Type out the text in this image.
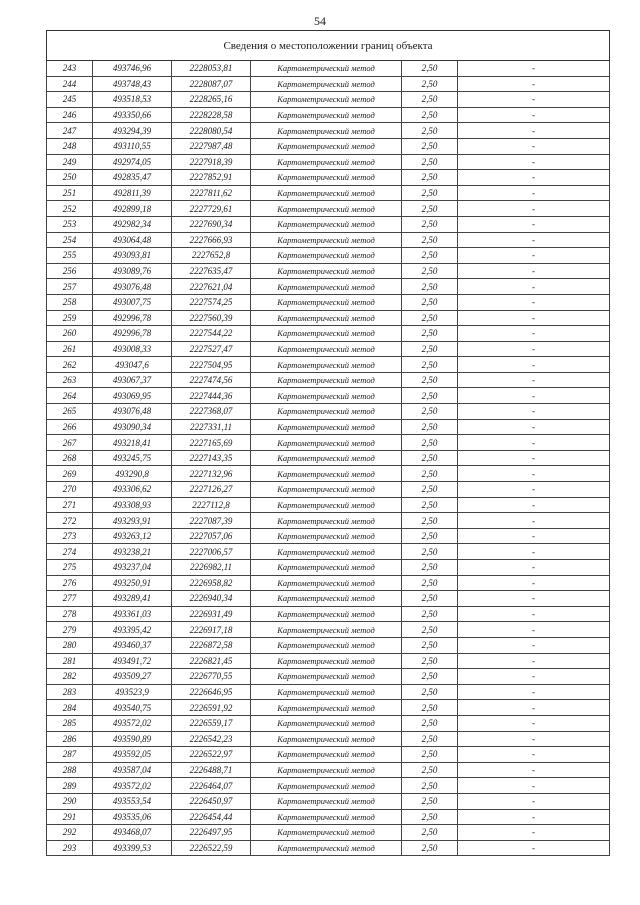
54
Сведения о местоположении границ объекта					
243	493746,96	2228053,81	Картометрический метод	2,50	-
244	493748,43	2228087,07	Картометрический метод	2,50	-
245	493518,53	2228265,16	Картометрический метод	2,50	-
246	493350,66	2228228,58	Картометрический метод	2,50	-
247	493294,39	2228080,54	Картометрический метод	2,50	-
248	493110,55	2227987,48	Картометрический метод	2,50	-
249	492974,05	2227918,39	Картометрический метод	2,50	-
250	492835,47	2227852,91	Картометрический метод	2,50	-
251	492811,39	2227811,62	Картометрический метод	2,50	-
252	492899,18	2227729,61	Картометрический метод	2,50	-
253	492982,34	2227690,34	Картометрический метод	2,50	-
254	493064,48	2227666,93	Картометрический метод	2,50	-
255	493093,81	2227652,8	Картометрический метод	2,50	-
256	493089,76	2227635,47	Картометрический метод	2,50	-
257	493076,48	2227621,04	Картометрический метод	2,50	-
258	493007,75	2227574,25	Картометрический метод	2,50	-
259	492996,78	2227560,39	Картометрический метод	2,50	-
260	492996,78	2227544,22	Картометрический метод	2,50	-
261	493008,33	2227527,47	Картометрический метод	2,50	-
262	493047,6	2227504,95	Картометрический метод	2,50	-
263	493067,37	2227474,56	Картометрический метод	2,50	-
264	493069,95	2227444,36	Картометрический метод	2,50	-
265	493076,48	2227368,07	Картометрический метод	2,50	-
266	493090,34	2227331,11	Картометрический метод	2,50	-
267	493218,41	2227165,69	Картометрический метод	2,50	-
268	493245,75	2227143,35	Картометрический метод	2,50	-
269	493290,8	2227132,96	Картометрический метод	2,50	-
270	493306,62	2227126,27	Картометрический метод	2,50	-
271	493308,93	2227112,8	Картометрический метод	2,50	-
272	493293,91	2227087,39	Картометрический метод	2,50	-
273	493263,12	2227057,06	Картометрический метод	2,50	-
274	493238,21	2227006,57	Картометрический метод	2,50	-
275	493237,04	2226982,11	Картометрический метод	2,50	-
276	493250,91	2226958,82	Картометрический метод	2,50	-
277	493289,41	2226940,34	Картометрический метод	2,50	-
278	493361,03	2226931,49	Картометрический метод	2,50	-
279	493395,42	2226917,18	Картометрический метод	2,50	-
280	493460,37	2226872,58	Картометрический метод	2,50	-
281	493491,72	2226821,45	Картометрический метод	2,50	-
282	493509,27	2226770,55	Картометрический метод	2,50	-
283	493523,9	2226646,95	Картометрический метод	2,50	-
284	493540,75	2226591,92	Картометрический метод	2,50	-
285	493572,02	2226559,17	Картометрический метод	2,50	-
286	493590,89	2226542,23	Картометрический метод	2,50	-
287	493592,05	2226522,97	Картометрический метод	2,50	-
288	493587,04	2226488,71	Картометрический метод	2,50	-
289	493572,02	2226464,07	Картометрический метод	2,50	-
290	493553,54	2226450,97	Картометрический метод	2,50	-
291	493535,06	2226454,44	Картометрический метод	2,50	-
292	493468,07	2226497,95	Картометрический метод	2,50	-
293	493399,53	2226522,59	Картометрический метод	2,50	-
